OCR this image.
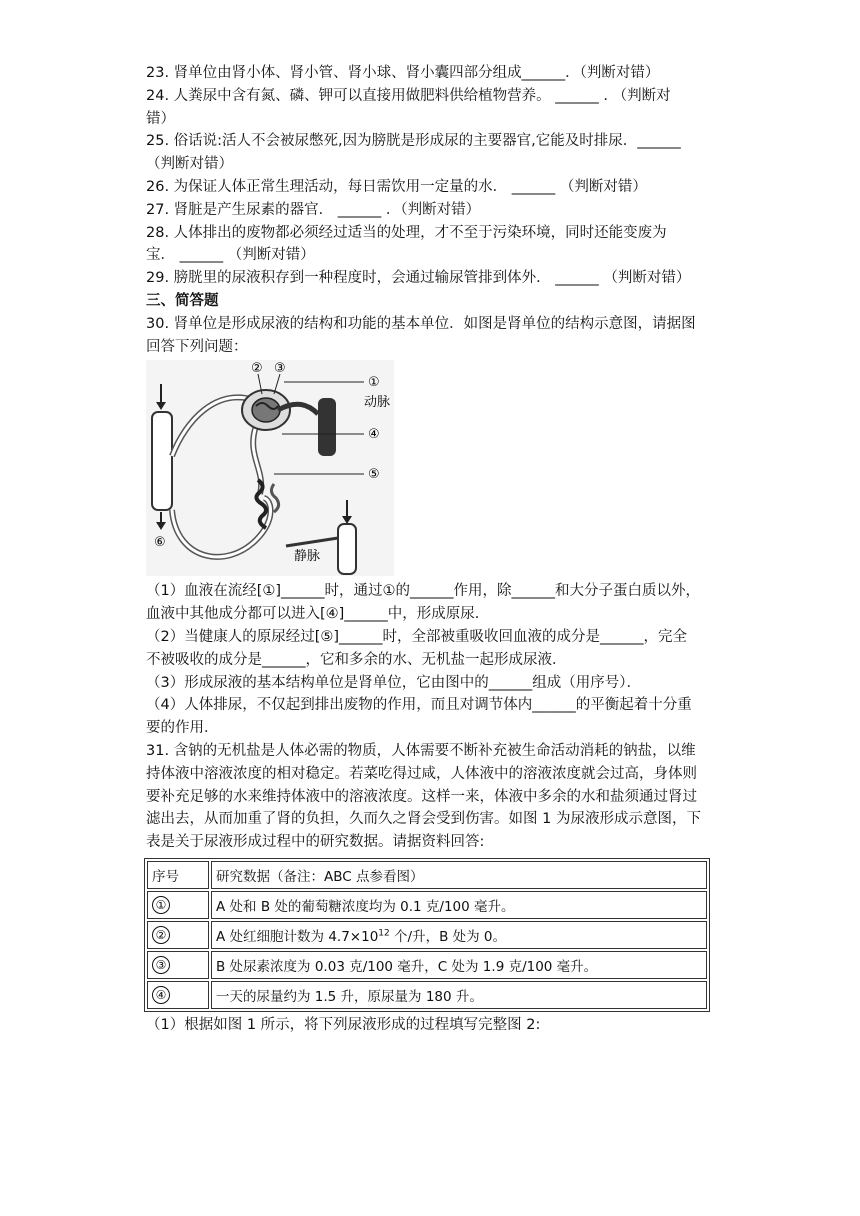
23. 肾单位由肾小体、肾小管、肾小球、肾小囊四部分组成______．（判断对错）
24. 人粪尿中含有氮、磷、钾可以直接用做肥料供给植物营养。 ______ . （判断对
错）
25. 俗话说:活人不会被尿憋死,因为膀胱是形成尿的主要器官,它能及时排尿．______
（判断对错）
26. 为保证人体正常生理活动，每日需饮用一定量的水． ______ （判断对错）
27. 肾脏是产生尿素的器官． ______ ．（判断对错）
28. 人体排出的废物都必须经过适当的处理，才不至于污染环境，同时还能变废为
宝． ______ （判断对错）
29. 膀胱里的尿液积存到一种程度时，会通过输尿管排到体外． ______ （判断对错）
三、简答题
30. 肾单位是形成尿液的结构和功能的基本单位．如图是肾单位的结构示意图，请据图
回答下列问题：
⑥
静脉
② ③
①
动脉
④
⑤
（1）血液在流经[①]______时，通过①的______作用，除______和大分子蛋白质以外，
血液中其他成分都可以进入[④]______中，形成原尿．
（2）当健康人的原尿经过[⑤]______时，全部被重吸收回血液的成分是______，完全
不被吸收的成分是______，它和多余的水、无机盐一起形成尿液．
（3）形成尿液的基本结构单位是肾单位，它由图中的______组成（用序号）．
（4）人体排尿，不仅起到排出废物的作用，而且对调节体内______的平衡起着十分重
要的作用．
31. 含钠的无机盐是人体必需的物质，人体需要不断补充被生命活动消耗的钠盐，以维
持体液中溶液浓度的相对稳定。若菜吃得过咸，人体液中的溶液浓度就会过高，身体则
要补充足够的水来维持体液中的溶液浓度。这样一来，体液中多余的水和盐须通过肾过
滤出去，从而加重了肾的负担，久而久之肾会受到伤害。如图 1 为尿液形成示意图，下
表是关于尿液形成过程中的研究数据。请据资料回答:
序号	研究数据（备注：ABC 点参看图）
①	A 处和 B 处的葡萄糖浓度均为 0.1 克/100 毫升。
②	A 处红细胞计数为 $4.7\times 10^{12}$ 个/升，B 处为 0。
③	B 处尿素浓度为 0.03 克/100 毫升，C 处为 1.9 克/100 毫升。
④	一天的尿量约为 1.5 升，原尿量为 180 升。
（1）根据如图 1 所示，将下列尿液形成的过程填写完整图 2:
